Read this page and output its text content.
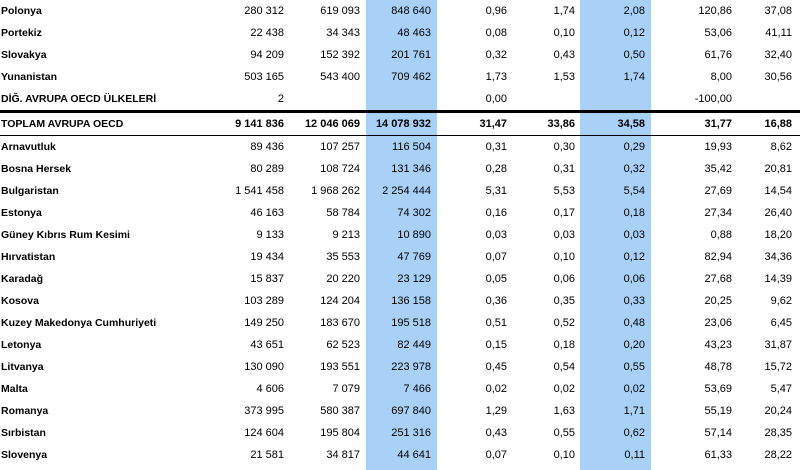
Polonya	280 312	619 093	848 640	0,96	1,74	2,08	120,86	37,08
Portekiz	22 438	34 343	48 463	0,08	0,10	0,12	53,06	41,11
Slovakya	94 209	152 392	201 761	0,32	0,43	0,50	61,76	32,40
Yunanistan	503 165	543 400	709 462	1,73	1,53	1,74	8,00	30,56
DİĞ. AVRUPA OECD ÜLKELERİ	2			0,00			-100,00	
TOPLAM AVRUPA OECD	9 141 836	12 046 069	14 078 932	31,47	33,86	34,58	31,77	16,88
Arnavutluk	89 436	107 257	116 504	0,31	0,30	0,29	19,93	8,62
Bosna Hersek	80 289	108 724	131 346	0,28	0,31	0,32	35,42	20,81
Bulgaristan	1 541 458	1 968 262	2 254 444	5,31	5,53	5,54	27,69	14,54
Estonya	46 163	58 784	74 302	0,16	0,17	0,18	27,34	26,40
Güney Kıbrıs Rum Kesimi	9 133	9 213	10 890	0,03	0,03	0,03	0,88	18,20
Hırvatistan	19 434	35 553	47 769	0,07	0,10	0,12	82,94	34,36
Karadağ	15 837	20 220	23 129	0,05	0,06	0,06	27,68	14,39
Kosova	103 289	124 204	136 158	0,36	0,35	0,33	20,25	9,62
Kuzey Makedonya Cumhuriyeti	149 250	183 670	195 518	0,51	0,52	0,48	23,06	6,45
Letonya	43 651	62 523	82 449	0,15	0,18	0,20	43,23	31,87
Litvanya	130 090	193 551	223 978	0,45	0,54	0,55	48,78	15,72
Malta	4 606	7 079	7 466	0,02	0,02	0,02	53,69	5,47
Romanya	373 995	580 387	697 840	1,29	1,63	1,71	55,19	20,24
Sırbistan	124 604	195 804	251 316	0,43	0,55	0,62	57,14	28,35
Slovenya	21 581	34 817	44 641	0,07	0,10	0,11	61,33	28,22
